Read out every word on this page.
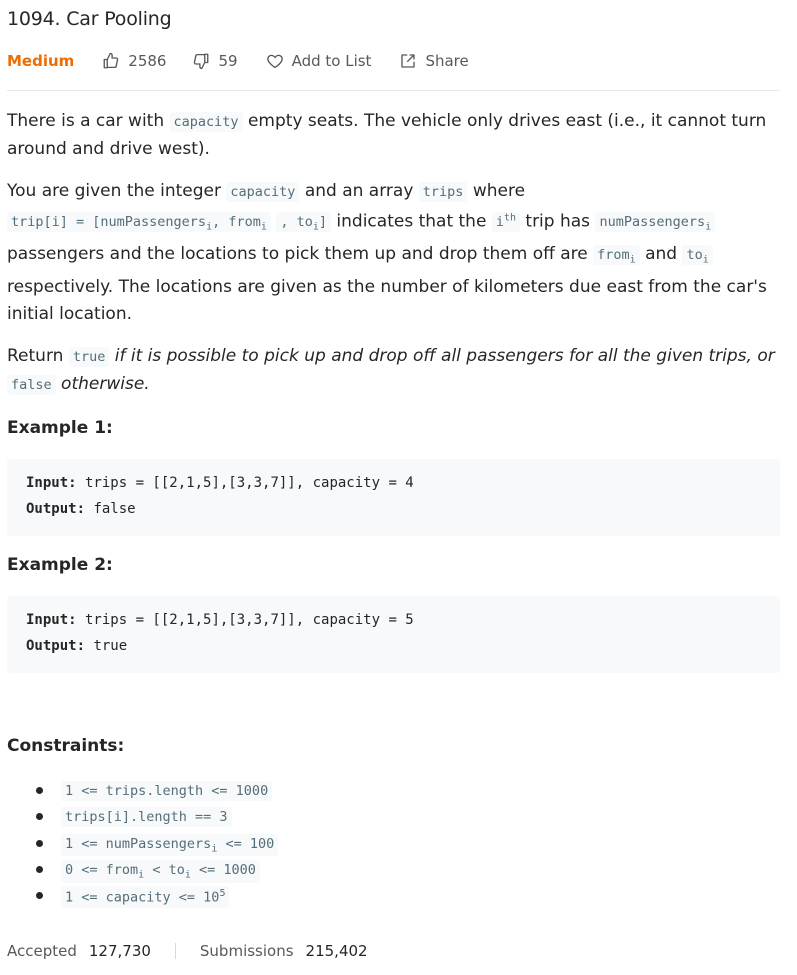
1094. Car Pooling
Medium	2586	59	Add to List	Share

There is a car with capacity empty seats. The vehicle only drives east (i.e., it cannot turn around and drive west).

You are given the integer capacity and an array trips where trip[i] = [numPassengers$_i$, from$_i$ , $to_i$] indicates that the $i^{th}$ trip has numPassengers$_i$ passengers and the locations to pick them up and drop them off are from$_i$ and $to_i$ respectively. The locations are given as the number of kilometers due east from the car's initial location.

Return true if it is possible to pick up and drop off all passengers for all the given trips, or false otherwise.

Example 1:
Input: trips = [[2,1,5],[3,3,7]], capacity = 4
Output: false
Example 2:
Input: trips = [[2,1,5],[3,3,7]], capacity = 5
Output: true
Constraints:
1 <= trips.length <= 1000
trips[i].length == 3
1 <= numPassengers$_i$ <= 100
0 <= from$_i$ < $to_i <= 1000$
1 <= capacity <= $10^5$
Accepted 127,730	Submissions 215,402
